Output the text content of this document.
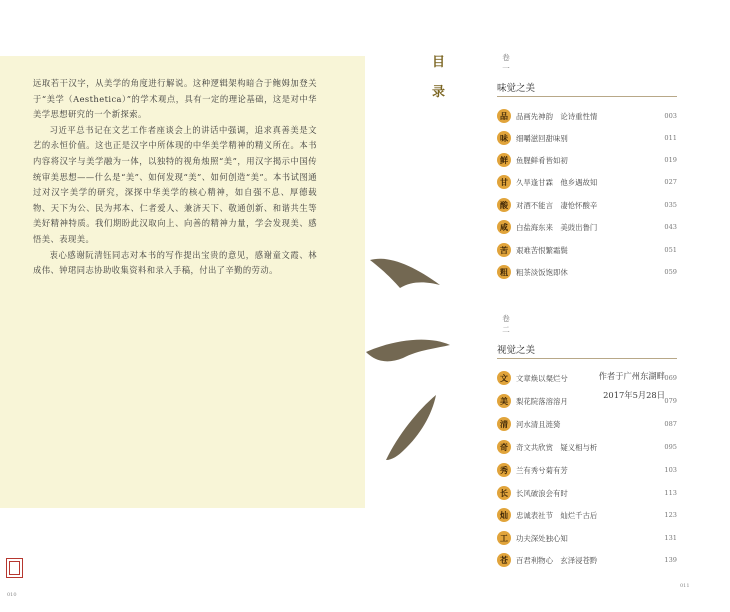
远取若干汉字，从美学的角度进行解说。这种逻辑架构暗合于鲍姆加登关于“美学（Aesthetica）”的学术观点，具有一定的理论基础，这是对中华美学思想研究的一个新探索。

习近平总书记在文艺工作者座谈会上的讲话中强调，追求真善美是文艺的永恒价值。这也正是汉字中所体现的中华美学精神的精义所在。本书内容将汉字与美学融为一体，以独特的视角烛照“美”，用汉字揭示中国传统审美思想——什么是“美”、如何发现“美”、如何创造“美”。本书试图通过对汉字美学的研究，深探中华美学的核心精神，如自强不息、厚德载物、天下为公、民为邦本、仁者爱人、兼济天下、敬通创新、和谐共生等美好精神特质。我们期盼此汉取向上、向善的精神力量，学会发现美、感悟美、表现美。

衷心感谢阮清钰同志对本书的写作提出宝贵的意见，感谢童文霞、林成伟、钟珺同志协助收集资料和录入手稿，付出了辛勤的劳动。

作者于广州东湖畔
2017年5月28日
010
目
录
卷
一
味觉之美
品	品画先神韵　论诗重性情	003
味	细嚼滋回甜味别	011
鲜	鱼腥鲜肴皆如初	019
甘	久旱逢甘霖　他乡遇故知	027
酸	对酒不能言　凄怆怀酸辛	035
咸	白盐海东来　美豉出鲁门	043
苦	艰难苦恨繁霜鬓	051
粗	粗茶淡饭饱即休	059
卷
二
视觉之美
文	文章焕以粲烂兮	069
美	梨花院落溶溶月	079
清	河水清且涟猗	087
奇	奇文共欣赏　疑义相与析	095
秀	兰有秀兮菊有芳	103
长	长风破浪会有时	113
灿	忠诚表社节　灿烂千古后	123
工	功夫深处独心知	131
苍	百君利物心　玄泽浸苍黔	139
011
